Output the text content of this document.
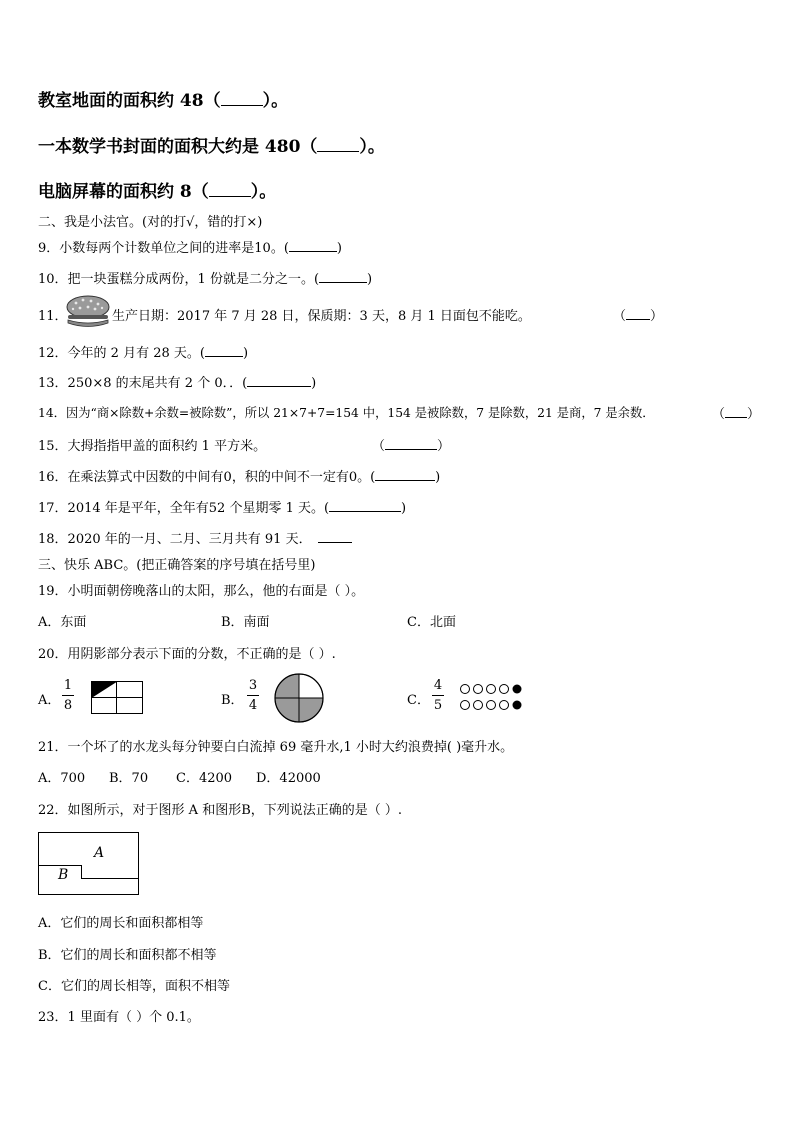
教室地面的面积约 48（ ）。
一本数学书封面的面积大约是 480（ ）。
电脑屏幕的面积约 8（ ）。
二、我是小法官。(对的打√，错的打×)
9．小数每两个计数单位之间的进率是10。(	)
10．把一块蛋糕分成两份，1 份就是二分之一。(	)
11．	生产日期：2017 年 7 月 28 日，保质期：3 天，8 月 1 日面包不能吃。	（ ）
12．今年的 2 月有 28 天。(	)
13．250×8 的末尾共有 2 个 0．．(	)
14．因为“商×除数+余数=被除数”，所以 21×7+7=154 中，154 是被除数，7 是除数，21 是商，7 是余数．	（ ）
15．大拇指指甲盖的面积约 1 平方米。	（	）
16．在乘法算式中因数的中间有0，积的中间不一定有0。(	)
17．2014 年是平年，全年有52 个星期零 1 天。(	)
18．2020 年的一月、二月、三月共有 91 天．
三、快乐 ABC。(把正确答案的序号填在括号里)
19．小明面朝傍晚落山的太阳，那么，他的右面是（ ）。
A．东面	B．南面	C．北面
20．用阴影部分表示下面的分数，不正确的是（ ）.
A．
1
8	B．
3
4	C．
4
5
21．一个坏了的水龙头每分钟要白白流掉 69 毫升水,1 小时大约浪费掉( )毫升水。
A．700 B．70 C．4200 D．42000
22．如图所示，对于图形 A 和图形B，下列说法正确的是（ ）.
A
B
A．它们的周长和面积都相等
B．它们的周长和面积都不相等
C．它们的周长相等，面积不相等
23．1 里面有（ ）个 0.1。
